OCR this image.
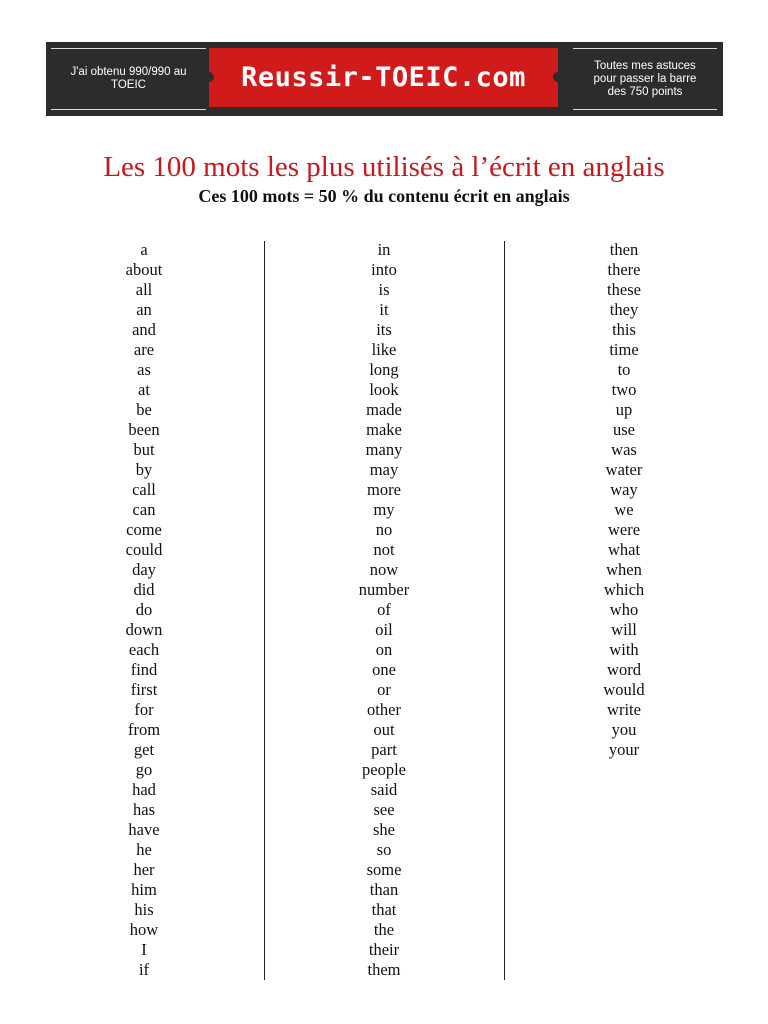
J'ai obtenu 990/990 au
TOEIC	Reussir-TOEIC.com	Toutes mes astuces
pour passer la barre
des 750 points
Les 100 mots les plus utilisés à l’écrit en anglais
Ces 100 mots = 50 % du contenu écrit en anglais
a
about
all
an
and
are
as
at
be
been
but
by
call
can
come
could
day
did
do
down
each
find
first
for
from
get
go
had
has
have
he
her
him
his
how
I
if
in
into
is
it
its
like
long
look
made
make
many
may
more
my
no
not
now
number
of
oil
on
one
or
other
out
part
people
said
see
she
so
some
than
that
the
their
them
then
there
these
they
this
time
to
two
up
use
was
water
way
we
were
what
when
which
who
will
with
word
would
write
you
your
